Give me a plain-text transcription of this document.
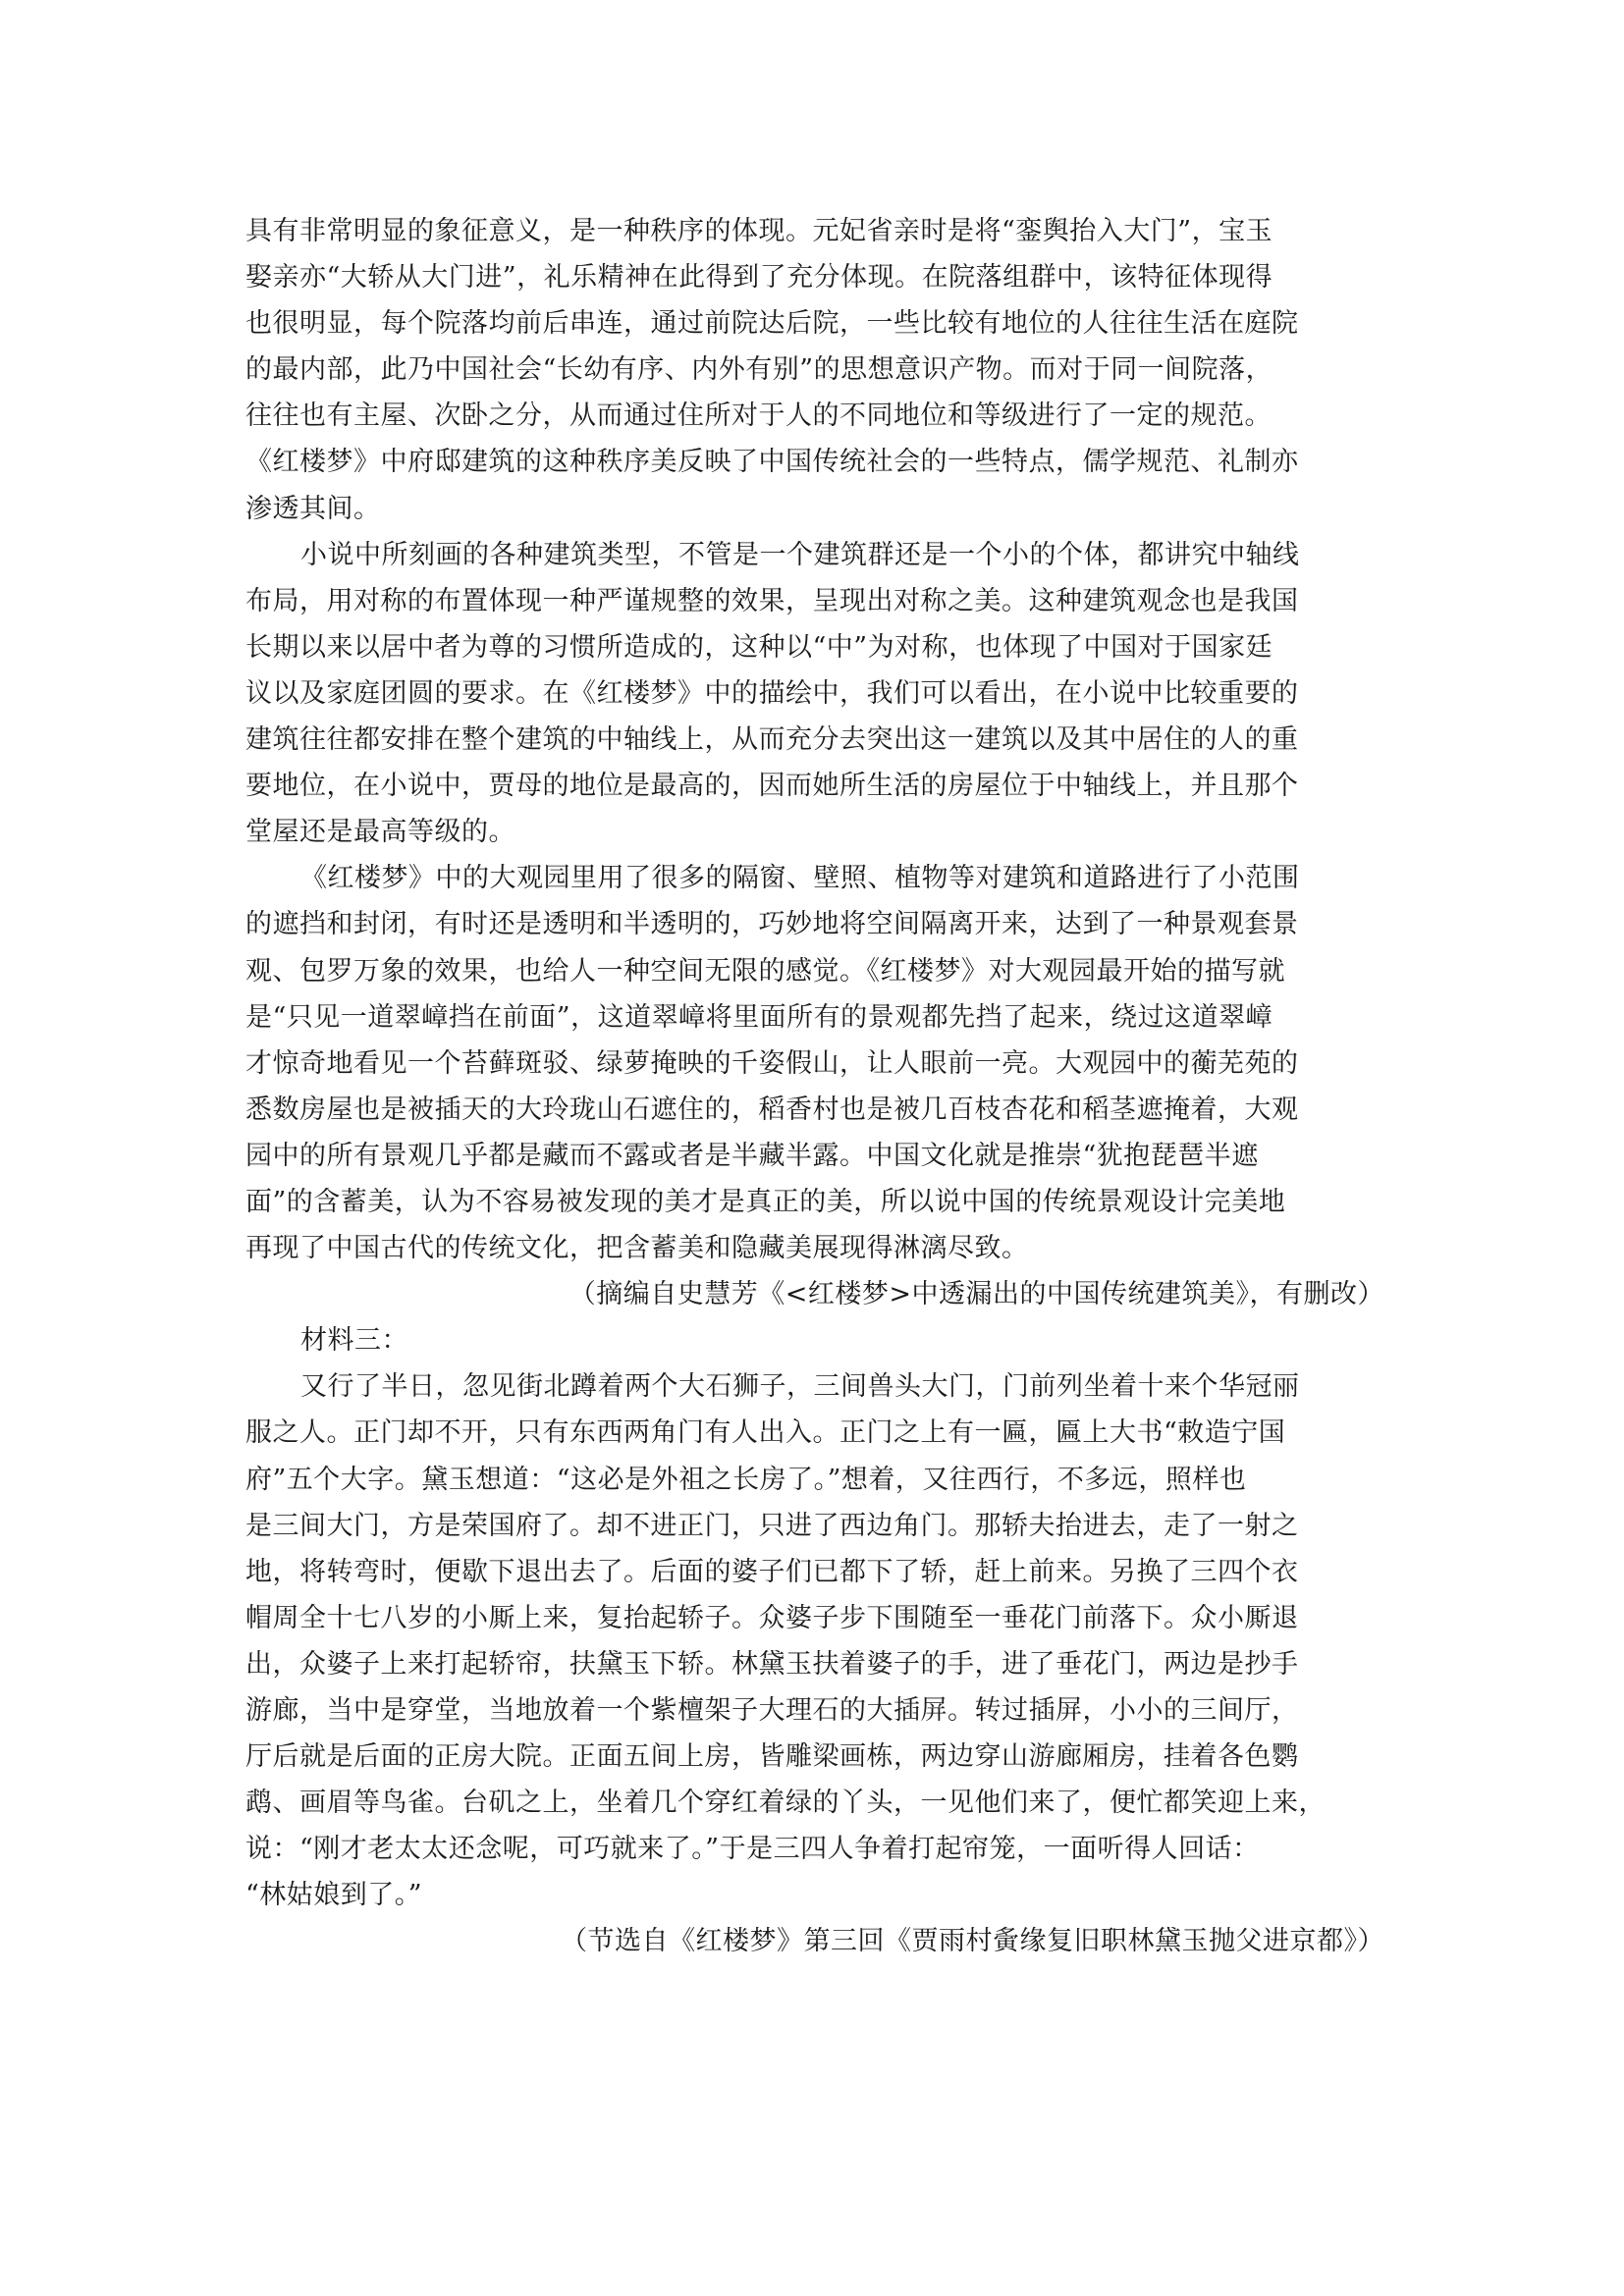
具有非常明显的象征意义，是一种秩序的体现。元妃省亲时是将“銮舆抬入大门”，宝玉
娶亲亦“大轿从大门进”，礼乐精神在此得到了充分体现。在院落组群中，该特征体现得
也很明显，每个院落均前后串连，通过前院达后院，一些比较有地位的人往往生活在庭院
的最内部，此乃中国社会“长幼有序、内外有别”的思想意识产物。而对于同一间院落，
往往也有主屋、次卧之分，从而通过住所对于人的不同地位和等级进行了一定的规范。
《红楼梦》中府邸建筑的这种秩序美反映了中国传统社会的一些特点，儒学规范、礼制亦
渗透其间。
小说中所刻画的各种建筑类型，不管是一个建筑群还是一个小的个体，都讲究中轴线
布局，用对称的布置体现一种严谨规整的效果，呈现出对称之美。这种建筑观念也是我国
长期以来以居中者为尊的习惯所造成的，这种以“中”为对称，也体现了中国对于国家廷
议以及家庭团圆的要求。在《红楼梦》中的描绘中，我们可以看出，在小说中比较重要的
建筑往往都安排在整个建筑的中轴线上，从而充分去突出这一建筑以及其中居住的人的重
要地位，在小说中，贾母的地位是最高的，因而她所生活的房屋位于中轴线上，并且那个
堂屋还是最高等级的。
《红楼梦》中的大观园里用了很多的隔窗、壁照、植物等对建筑和道路进行了小范围
的遮挡和封闭，有时还是透明和半透明的，巧妙地将空间隔离开来，达到了一种景观套景
观、包罗万象的效果，也给人一种空间无限的感觉。《红楼梦》对大观园最开始的描写就
是“只见一道翠嶂挡在前面”，这道翠嶂将里面所有的景观都先挡了起来，绕过这道翠嶂
才惊奇地看见一个苔藓斑驳、绿萝掩映的千姿假山，让人眼前一亮。大观园中的蘅芜苑的
悉数房屋也是被插天的大玲珑山石遮住的，稻香村也是被几百枝杏花和稻茎遮掩着，大观
园中的所有景观几乎都是藏而不露或者是半藏半露。中国文化就是推崇“犹抱琵琶半遮
面”的含蓄美，认为不容易被发现的美才是真正的美，所以说中国的传统景观设计完美地
再现了中国古代的传统文化，把含蓄美和隐藏美展现得淋漓尽致。
（摘编自史慧芳《<红楼梦>中透漏出的中国传统建筑美》，有删改）
材料三：
又行了半日，忽见街北蹲着两个大石狮子，三间兽头大门，门前列坐着十来个华冠丽
服之人。正门却不开，只有东西两角门有人出入。正门之上有一匾，匾上大书“敕造宁国
府”五个大字。黛玉想道：“这必是外祖之长房了。”想着，又往西行，不多远，照样也
是三间大门，方是荣国府了。却不进正门，只进了西边角门。那轿夫抬进去，走了一射之
地，将转弯时，便歇下退出去了。后面的婆子们已都下了轿，赶上前来。另换了三四个衣
帽周全十七八岁的小厮上来，复抬起轿子。众婆子步下围随至一垂花门前落下。众小厮退
出，众婆子上来打起轿帘，扶黛玉下轿。林黛玉扶着婆子的手，进了垂花门，两边是抄手
游廊，当中是穿堂，当地放着一个紫檀架子大理石的大插屏。转过插屏，小小的三间厅，
厅后就是后面的正房大院。正面五间上房，皆雕梁画栋，两边穿山游廊厢房，挂着各色鹦
鹉、画眉等鸟雀。台矶之上，坐着几个穿红着绿的丫头，一见他们来了，便忙都笑迎上来，
说：“刚才老太太还念呢，可巧就来了。”于是三四人争着打起帘笼，一面听得人回话：
“林姑娘到了。”
（节选自《红楼梦》第三回《贾雨村夤缘复旧职林黛玉抛父进京都》）
